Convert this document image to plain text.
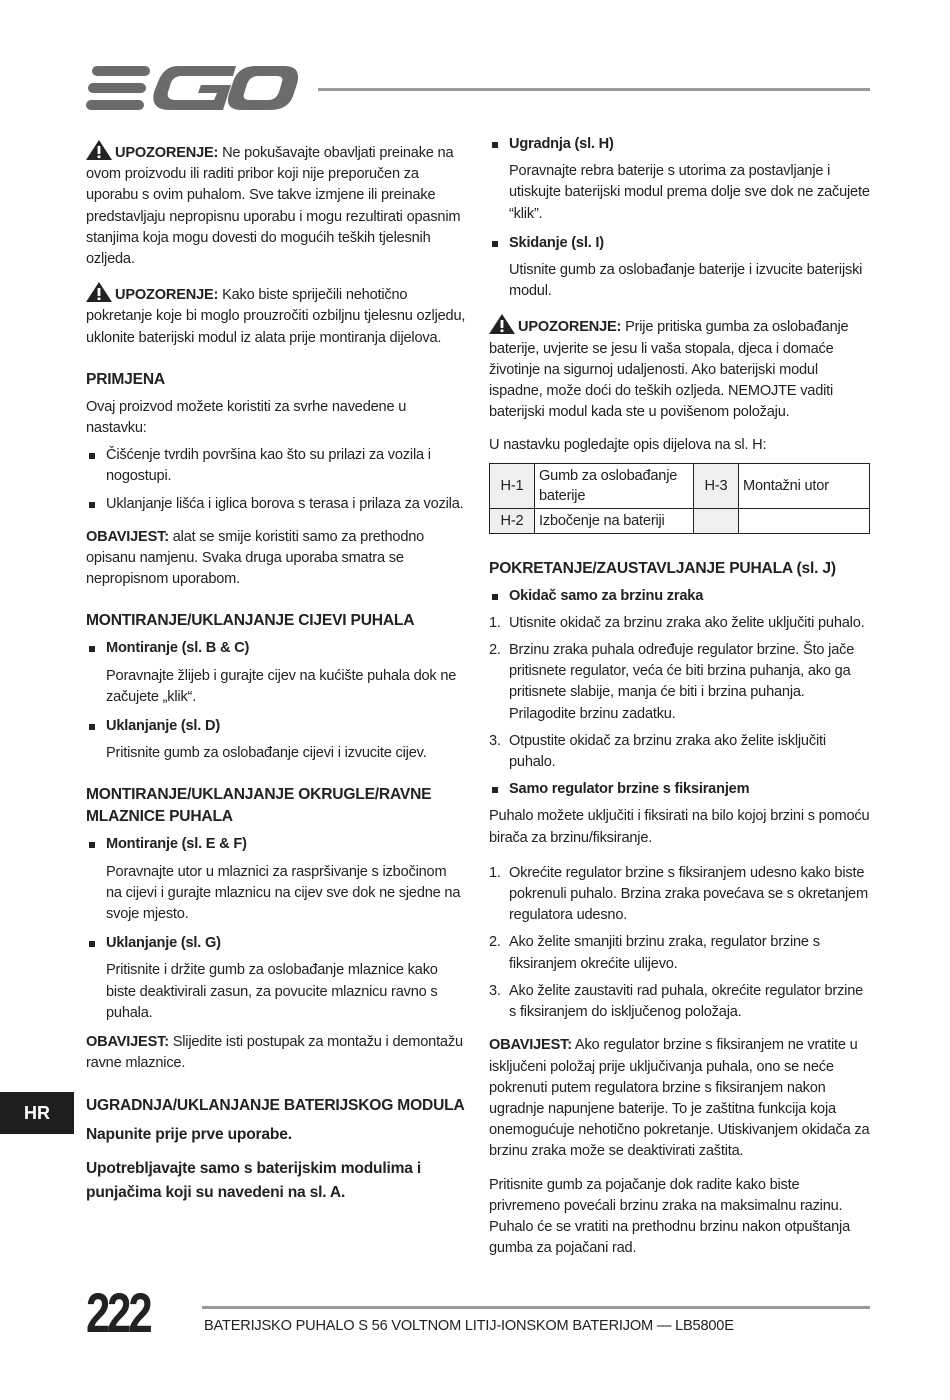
UPOZORENJE: Ne pokušavajte obavljati preinake na ovom proizvodu ili raditi pribor koji nije preporučen za uporabu s ovim puhalom. Sve takve izmjene ili preinake predstavljaju nepropisnu uporabu i mogu rezultirati opasnim stanjima koja mogu dovesti do mogućih teških tjelesnih ozljeda.

UPOZORENJE: Kako biste spriječili nehotično pokretanje koje bi moglo prouzročiti ozbiljnu tjelesnu ozljedu, uklonite baterijski modul iz alata prije montiranja dijelova.

PRIMJENA

Ovaj proizvod možete koristiti za svrhe navedene u nastavku:

Čišćenje tvrdih površina kao što su prilazi za vozila i nogostupi.
Uklanjanje lišća i iglica borova s terasa i prilaza za vozila.

OBAVIJEST: alat se smije koristiti samo za prethodno opisanu namjenu. Svaka druga uporaba smatra se nepropisnom uporabom.

MONTIRANJE/UKLANJANJE CIJEVI PUHALA
Montiranje (sl. B & C)
Poravnajte žlijeb i gurajte cijev na kućište puhala dok ne začujete „klik“.
Uklanjanje (sl. D)
Pritisnite gumb za oslobađanje cijevi i izvucite cijev.
MONTIRANJE/UKLANJANJE OKRUGLE/RAVNE MLAZNICE PUHALA
Montiranje (sl. E & F)
Poravnajte utor u mlaznici za raspršivanje s izbočinom na cijevi i gurajte mlaznicu na cijev sve dok ne sjedne na svoje mjesto.
Uklanjanje (sl. G)
Pritisnite i držite gumb za oslobađanje mlaznice kako biste deaktivirali zasun, za povucite mlaznicu ravno s puhala.

OBAVIJEST: Slijedite isti postupak za montažu i demontažu ravne mlaznice.

UGRADNJA/UKLANJANJE BATERIJSKOG MODULA
Napunite prije prve uporabe.
Upotrebljavajte samo s baterijskim modulima i punjačima koji su navedeni na sl. A.
Ugradnja (sl. H)
Poravnajte rebra baterije s utorima za postavljanje i utiskujte baterijski modul prema dolje sve dok ne začujete “klik”.
Skidanje (sl. I)
Utisnite gumb za oslobađanje baterije i izvucite baterijski modul.

UPOZORENJE: Prije pritiska gumba za oslobađanje baterije, uvjerite se jesu li vaša stopala, djeca i domaće životinje na sigurnoj udaljenosti. Ako baterijski modul ispadne, može doći do teških ozljeda. NEMOJTE vaditi baterijski modul kada ste u povišenom položaju.

U nastavku pogledajte opis dijelova na sl. H:

H-1	Gumb za oslobađanje baterije	H-3	Montažni utor
H-2	Izbočenje na bateriji		
POKRETANJE/ZAUSTAVLJANJE PUHALA (sl. J)
Okidač samo za brzinu zraka
1. Utisnite okidač za brzinu zraka ako želite uključiti puhalo.
2. Brzinu zraka puhala određuje regulator brzine. Što jače pritisnete regulator, veća će biti brzina puhanja, ako ga pritisnete slabije, manja će biti i brzina puhanja. Prilagodite brzinu zadatku.
3. Otpustite okidač za brzinu zraka ako želite isključiti puhalo.
Samo regulator brzine s fiksiranjem

Puhalo možete uključiti i fiksirati na bilo kojoj brzini s pomoću birača za brzinu/fiksiranje.

1. Okrećite regulator brzine s fiksiranjem udesno kako biste pokrenuli puhalo. Brzina zraka povećava se s okretanjem regulatora udesno.
2. Ako želite smanjiti brzinu zraka, regulator brzine s fiksiranjem okrećite ulijevo.
3. Ako želite zaustaviti rad puhala, okrećite regulator brzine s fiksiranjem do isključenog položaja.

OBAVIJEST: Ako regulator brzine s fiksiranjem ne vratite u isključeni položaj prije uključivanja puhala, ono se neće pokrenuti putem regulatora brzine s fiksiranjem nakon ugradnje napunjene baterije. To je zaštitna funkcija koja onemogućuje nehotično pokretanje. Utiskivanjem okidača za brzinu zraka može se deaktivirati zaštita.

Pritisnite gumb za pojačanje dok radite kako biste privremeno povećali brzinu zraka na maksimalnu razinu. Puhalo će se vratiti na prethodnu brzinu nakon otpuštanja gumba za pojačani rad.

HR
222	BATERIJSKO PUHALO S 56 VOLTNOM LITIJ-IONSKOM BATERIJOM — LB5800E
